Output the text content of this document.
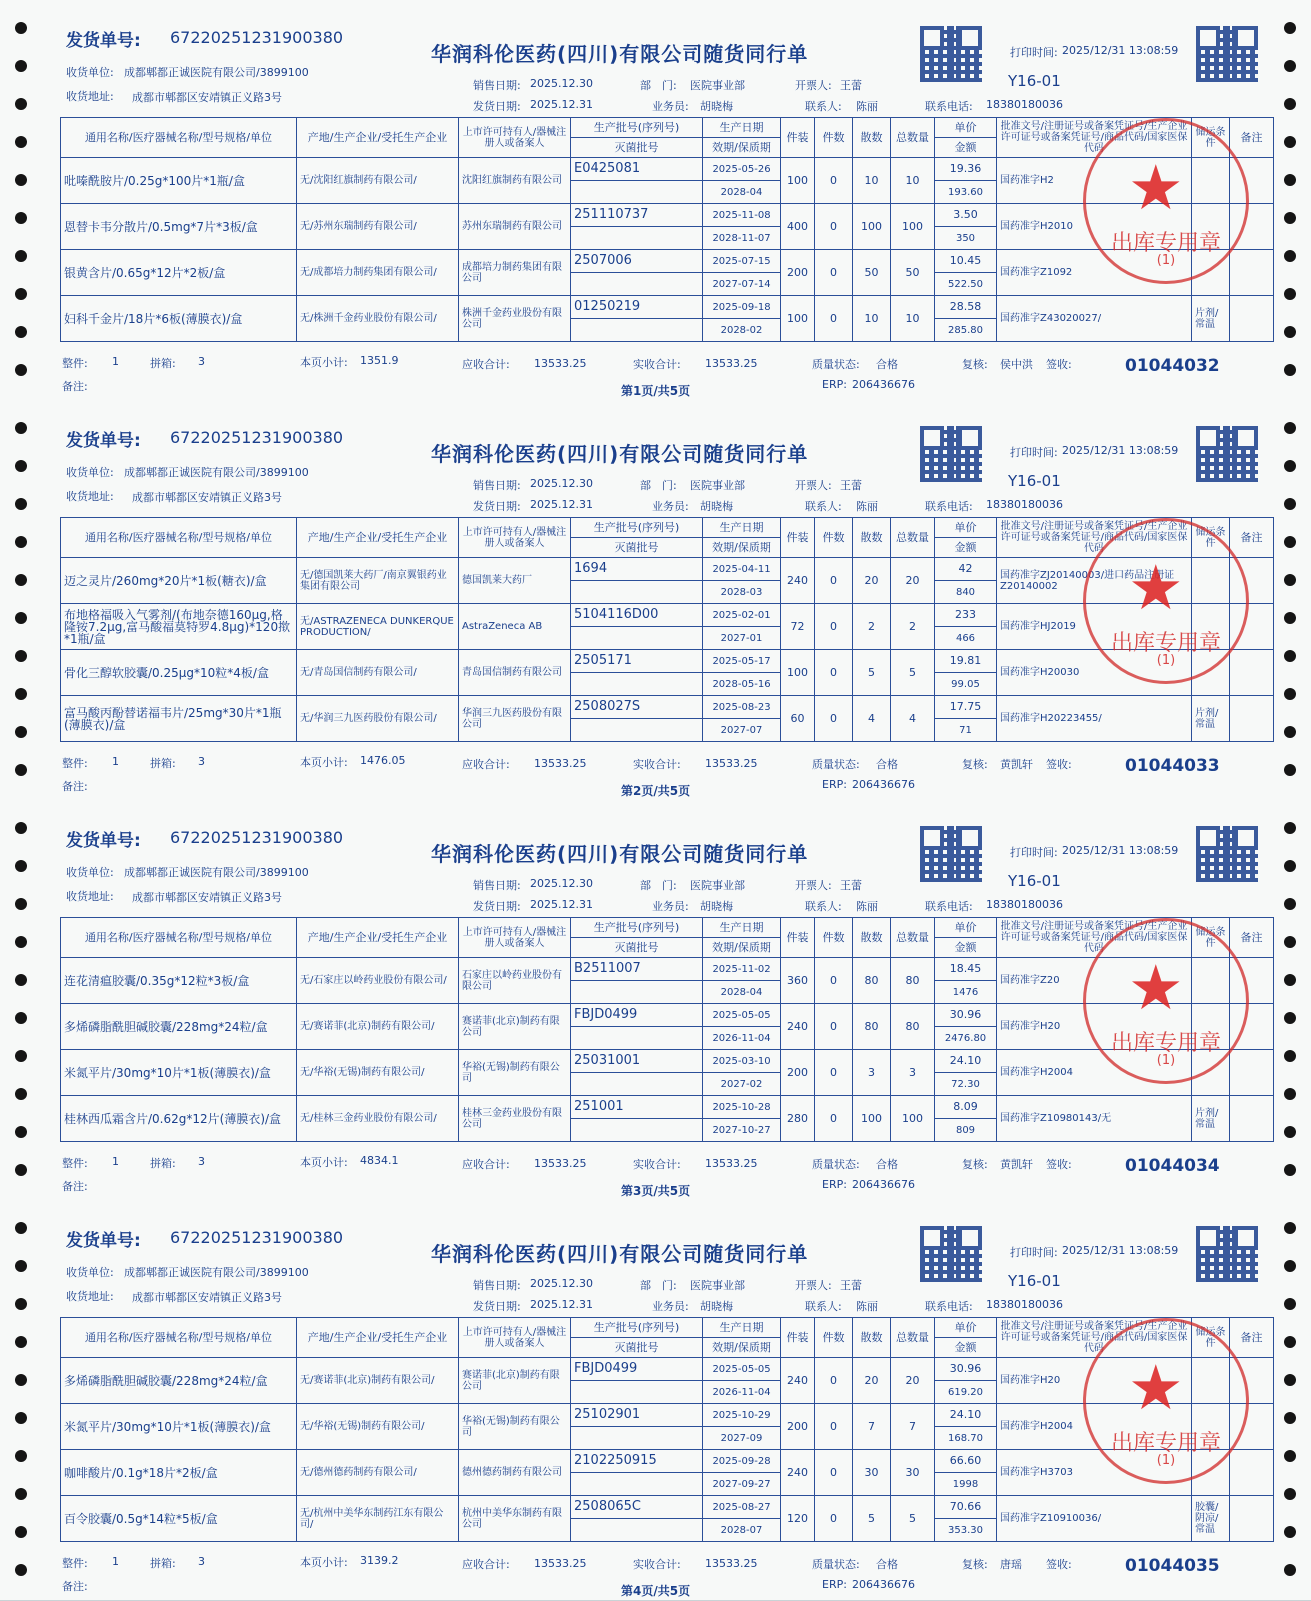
发货单号: 67220251231900380
华润科伦医药(四川)有限公司随货同行单	打印时间: 2025/12/31 13:08:59
Y16-01
收货单位: 成都郫都正诚医院有限公司/3899100
收货地址: 成都市郫都区安靖镇正义路3号
销售日期: 2025.12.30
发货日期: 2025.12.31
部　门: 医院事业部
业务员: 胡晓梅
开票人: 王蕾
联系人: 陈丽	联系电话: 18380180036
通用名称/医疗器械名称/型号规格/单位	产地/生产企业/受托生产企业	上市许可持有人/器械注册人或备案人	生产批号(序列号)	生产日期	件装	件数	散数	总数量	单价	批准文号/注册证号或备案凭证号/生产企业许可证号或备案凭证号/商品代码/国家医保代码	储运条件	备注
			灭菌批号	效期/保质期					金额			
吡嗪酰胺片/0.25g*100片*1瓶/盒	无/沈阳红旗制药有限公司/	沈阳红旗制药有限公司	E0425081	2025-05-26	100	0	10	10	19.36	国药准字H2		
				2028-04					193.60			
恩替卡韦分散片/0.5mg*7片*3板/盒	无/苏州东瑞制药有限公司/	苏州东瑞制药有限公司	251110737	2025-11-08	400	0	100	100	3.50	国药准字H2010		
				2028-11-07					350			
银黄含片/0.65g*12片*2板/盒	无/成都培力制药集团有限公司/	成都培力制药集团有限公司	2507006	2025-07-15	200	0	50	50	10.45	国药准字Z1092		
				2027-07-14					522.50			
妇科千金片/18片*6板(薄膜衣)/盒	无/株洲千金药业股份有限公司/	株洲千金药业股份有限公司	01250219	2025-09-18	100	0	10	10	28.58	国药准字Z43020027/	片剂/常温	
				2028-02					285.80			
★
出库专用章
(1)
整件: 1	拼箱: 3	本页小计: 1351.9	应收合计: 13533.25	实收合计: 13533.25	质量状态: 合格	复核: 侯中洪 签收:	01044032
备注:	第1页/共5页	ERP: 206436676
发货单号: 67220251231900380
华润科伦医药(四川)有限公司随货同行单	打印时间: 2025/12/31 13:08:59
Y16-01
收货单位: 成都郫都正诚医院有限公司/3899100
收货地址: 成都市郫都区安靖镇正义路3号
销售日期: 2025.12.30
发货日期: 2025.12.31
部　门: 医院事业部
业务员: 胡晓梅
开票人: 王蕾
联系人: 陈丽	联系电话: 18380180036
通用名称/医疗器械名称/型号规格/单位	产地/生产企业/受托生产企业	上市许可持有人/器械注册人或备案人	生产批号(序列号)	生产日期	件装	件数	散数	总数量	单价	批准文号/注册证号或备案凭证号/生产企业许可证号或备案凭证号/商品代码/国家医保代码	储运条件	备注
			灭菌批号	效期/保质期					金额			
迈之灵片/260mg*20片*1板(糖衣)/盒	无/德国凯莱大药厂/南京翼银药业集团有限公司	德国凯莱大药厂	1694	2025-04-11	240	0	20	20	42	国药准字ZJ20140003/进口药品注册证Z20140002		
				2028-03					840			
布地格福吸入气雾剂/(布地奈德160μg,格隆铵7.2μg,富马酸福莫特罗4.8μg)*120揿*1瓶/盒	无/ASTRAZENECA DUNKERQUE PRODUCTION/	AstraZeneca AB	5104116D00	2025-02-01	72	0	2	2	233	国药准字HJ2019		
				2027-01					466			
骨化三醇软胶囊/0.25μg*10粒*4板/盒	无/青岛国信制药有限公司/	青岛国信制药有限公司	2505171	2025-05-17	100	0	5	5	19.81	国药准字H20030		
				2028-05-16					99.05			
富马酸丙酚替诺福韦片/25mg*30片*1瓶(薄膜衣)/盒	无/华润三九医药股份有限公司/	华润三九医药股份有限公司	2508027S	2025-08-23	60	0	4	4	17.75	国药准字H20223455/	片剂/常温	
				2027-07					71			
★
出库专用章
(1)
整件: 1	拼箱: 3	本页小计: 1476.05	应收合计: 13533.25	实收合计: 13533.25	质量状态: 合格	复核: 黄凯轩 签收:	01044033
备注:	第2页/共5页	ERP: 206436676
发货单号: 67220251231900380
华润科伦医药(四川)有限公司随货同行单	打印时间: 2025/12/31 13:08:59
Y16-01
收货单位: 成都郫都正诚医院有限公司/3899100
收货地址: 成都市郫都区安靖镇正义路3号
销售日期: 2025.12.30
发货日期: 2025.12.31
部　门: 医院事业部
业务员: 胡晓梅
开票人: 王蕾
联系人: 陈丽	联系电话: 18380180036
通用名称/医疗器械名称/型号规格/单位	产地/生产企业/受托生产企业	上市许可持有人/器械注册人或备案人	生产批号(序列号)	生产日期	件装	件数	散数	总数量	单价	批准文号/注册证号或备案凭证号/生产企业许可证号或备案凭证号/商品代码/国家医保代码	储运条件	备注
			灭菌批号	效期/保质期					金额			
连花清瘟胶囊/0.35g*12粒*3板/盒	无/石家庄以岭药业股份有限公司/	石家庄以岭药业股份有限公司	B2511007	2025-11-02	360	0	80	80	18.45	国药准字Z20		
				2028-04					1476			
多烯磷脂酰胆碱胶囊/228mg*24粒/盒	无/赛诺菲(北京)制药有限公司/	赛诺菲(北京)制药有限公司	FBJD0499	2025-05-05	240	0	80	80	30.96	国药准字H20		
				2026-11-04					2476.80			
米氮平片/30mg*10片*1板(薄膜衣)/盒	无/华裕(无锡)制药有限公司/	华裕(无锡)制药有限公司	25031001	2025-03-10	200	0	3	3	24.10	国药准字H2004		
				2027-02					72.30			
桂林西瓜霜含片/0.62g*12片(薄膜衣)/盒	无/桂林三金药业股份有限公司/	桂林三金药业股份有限公司	251001	2025-10-28	280	0	100	100	8.09	国药准字Z10980143/无	片剂/常温	
				2027-10-27					809			
★
出库专用章
(1)
整件: 1	拼箱: 3	本页小计: 4834.1	应收合计: 13533.25	实收合计: 13533.25	质量状态: 合格	复核: 黄凯轩 签收:	01044034
备注:	第3页/共5页	ERP: 206436676
发货单号: 67220251231900380
华润科伦医药(四川)有限公司随货同行单	打印时间: 2025/12/31 13:08:59
Y16-01
收货单位: 成都郫都正诚医院有限公司/3899100
收货地址: 成都市郫都区安靖镇正义路3号
销售日期: 2025.12.30
发货日期: 2025.12.31
部　门: 医院事业部
业务员: 胡晓梅
开票人: 王蕾
联系人: 陈丽	联系电话: 18380180036
通用名称/医疗器械名称/型号规格/单位	产地/生产企业/受托生产企业	上市许可持有人/器械注册人或备案人	生产批号(序列号)	生产日期	件装	件数	散数	总数量	单价	批准文号/注册证号或备案凭证号/生产企业许可证号或备案凭证号/商品代码/国家医保代码	储运条件	备注
			灭菌批号	效期/保质期					金额			
多烯磷脂酰胆碱胶囊/228mg*24粒/盒	无/赛诺菲(北京)制药有限公司/	赛诺菲(北京)制药有限公司	FBJD0499	2025-05-05	240	0	20	20	30.96	国药准字H20		
				2026-11-04					619.20			
米氮平片/30mg*10片*1板(薄膜衣)/盒	无/华裕(无锡)制药有限公司/	华裕(无锡)制药有限公司	25102901	2025-10-29	200	0	7	7	24.10	国药准字H2004		
				2027-09					168.70			
咖啡酸片/0.1g*18片*2板/盒	无/德州德药制药有限公司/	德州德药制药有限公司	2102250915	2025-09-28	240	0	30	30	66.60	国药准字H3703		
				2027-09-27					1998			
百令胶囊/0.5g*14粒*5板/盒	无/杭州中美华东制药江东有限公司/	杭州中美华东制药有限公司	2508065C	2025-08-27	120	0	5	5	70.66	国药准字Z10910036/	胶囊/阴凉/常温	
				2028-07					353.30			
★
出库专用章
(1)
整件: 1	拼箱: 3	本页小计: 3139.2	应收合计: 13533.25	实收合计: 13533.25	质量状态: 合格	复核: 唐瑶 签收:	01044035
备注:	第4页/共5页	ERP: 206436676
